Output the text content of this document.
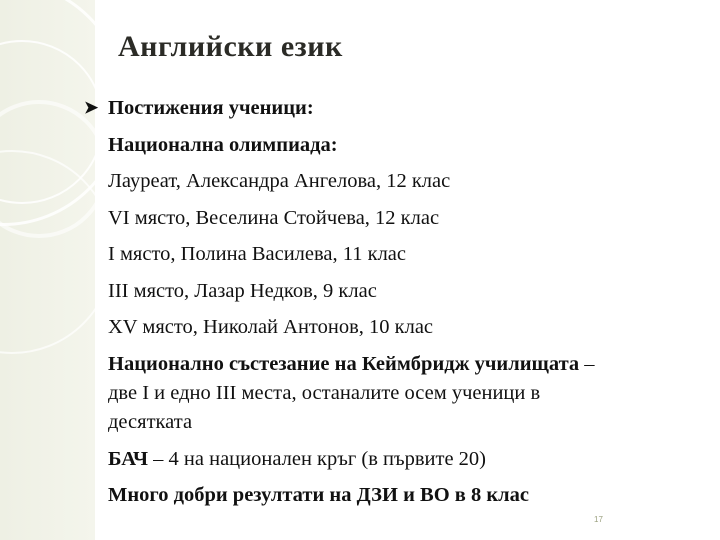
Английски език
➤ Постижения ученици:
Национална олимпиада:
Лауреат, Александра Ангелова, 12 клас
VI място, Веселина Стойчева, 12 клас
I място, Полина Василева, 11 клас
III място, Лазар Недков, 9 клас
XV място, Николай Антонов, 10 клас
Национално състезание на Кеймбридж училищата –
две I и едно III места, останалите осем ученици в
десятката
БАЧ – 4 на национален кръг (в първите 20)
Много добри резултати на ДЗИ и ВО в 8 клас
17
